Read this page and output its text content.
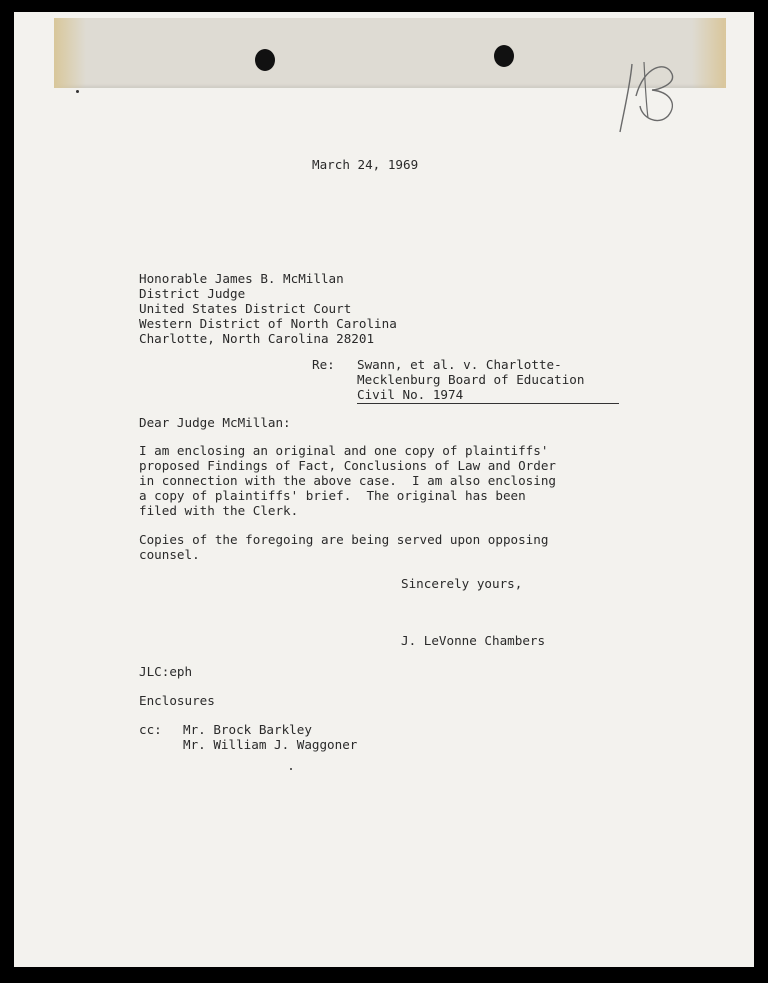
March 24, 1969

Honorable James B. McMillan

District Judge

United States District Court

Western District of North Carolina

Charlotte, North Carolina 28201

Re: Swann, et al. v. Charlotte-

Mecklenburg Board of Education

Civil No. 1974

Dear Judge McMillan:

I am enclosing an original and one copy of plaintiffs'

proposed Findings of Fact, Conclusions of Law and Order

in connection with the above case.  I am also enclosing

a copy of plaintiffs' brief.  The original has been

filed with the Clerk.

Copies of the foregoing are being served upon opposing

counsel.

Sincerely yours,

J. LeVonne Chambers

JLC:eph

Enclosures

cc: Mr. Brock Barkley

Mr. William J. Waggoner
